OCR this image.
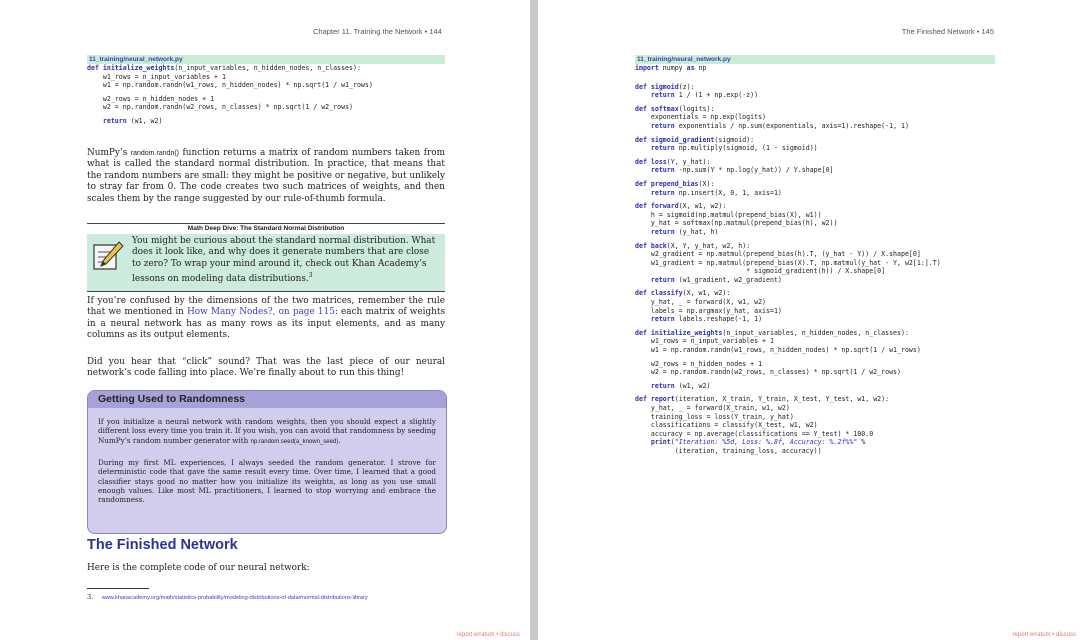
Chapter 11. Training the Network • 144
11_training/neural_network.py
def initialize_weights(n_input_variables, n_hidden_nodes, n_classes):
w1_rows = n_input_variables + 1
w1 = np.random.randn(w1_rows, n_hidden_nodes) * np.sqrt(1 / w1_rows)
w2_rows = n_hidden_nodes + 1
w2 = np.random.randn(w2_rows, n_classes) * np.sqrt(1 / w2_rows)
return (w1, w2)
NumPy’s random.randn() function returns a matrix of random numbers taken from what is called the standard normal distribution. In practice, that means that the random numbers are small: they might be positive or negative, but unlikely to stray far from 0. The code creates two such matrices of weights, and then scales them by the range suggested by our rule-of-thumb formula.
Math Deep Dive: The Standard Normal Distribution
You might be curious about the standard normal distribution. What does it look like, and why does it generate numbers that are close to zero? To wrap your mind around it, check out Khan Academy’s lessons on modeling data distributions.$^3$
If you’re confused by the dimensions of the two matrices, remember the rule that we mentioned in How Many Nodes?, on page 115: each matrix of weights in a neural network has as many rows as its input elements, and as many columns as its output elements.
Did you hear that “click” sound? That was the last piece of our neural network’s code falling into place. We’re finally about to run this thing!
Getting Used to Randomness
If you initialize a neural network with random weights, then you should expect a slightly different loss every time you train it. If you wish, you can avoid that randomness by seeding NumPy’s random number generator with np.random.seed(a_known_seed).
During my first ML experiences, I always seeded the random generator. I strove for deterministic code that gave the same result every time. Over time, I learned that a good classifier stays good no matter how you initialize its weights, as long as you use small enough values. Like most ML practitioners, I learned to stop worrying and embrace the randomness.
The Finished Network
Here is the complete code of our neural network:
3. www.khanacademy.org/math/statistics-probability/modeling-distributions-of-data#normal-distributions-library
report erratum • discuss
The Finished Network • 145
11_training/neural_network.py
import numpy as np
def sigmoid(z):
return 1 / (1 + np.exp(-z))
def softmax(logits):
exponentials = np.exp(logits)
return exponentials / np.sum(exponentials, axis=1).reshape(-1, 1)
def sigmoid_gradient(sigmoid):
return np.multiply(sigmoid, (1 - sigmoid))
def loss(Y, y_hat):
return -np.sum(Y * np.log(y_hat)) / Y.shape[0]
def prepend_bias(X):
return np.insert(X, 0, 1, axis=1)
def forward(X, w1, w2):
h = sigmoid(np.matmul(prepend_bias(X), w1))
y_hat = softmax(np.matmul(prepend_bias(h), w2))
return (y_hat, h)
def back(X, Y, y_hat, w2, h):
w2_gradient = np.matmul(prepend_bias(h).T, (y_hat - Y)) / X.shape[0]
w1_gradient = np.matmul(prepend_bias(X).T, np.matmul(y_hat - Y, w2[1:].T)
* sigmoid_gradient(h)) / X.shape[0]
return (w1_gradient, w2_gradient)
def classify(X, w1, w2):
y_hat, _ = forward(X, w1, w2)
labels = np.argmax(y_hat, axis=1)
return labels.reshape(-1, 1)
def initialize_weights(n_input_variables, n_hidden_nodes, n_classes):
w1_rows = n_input_variables + 1
w1 = np.random.randn(w1_rows, n_hidden_nodes) * np.sqrt(1 / w1_rows)
w2_rows = n_hidden_nodes + 1
w2 = np.random.randn(w2_rows, n_classes) * np.sqrt(1 / w2_rows)
return (w1, w2)
def report(iteration, X_train, Y_train, X_test, Y_test, w1, w2):
y_hat, _ = forward(X_train, w1, w2)
training_loss = loss(Y_train, y_hat)
classifications = classify(X_test, w1, w2)
accuracy = np.average(classifications == Y_test) * 100.0
print("Iteration: %5d, Loss: %.8f, Accuracy: %.2f%%" %
(iteration, training_loss, accuracy))
report erratum • discuss
